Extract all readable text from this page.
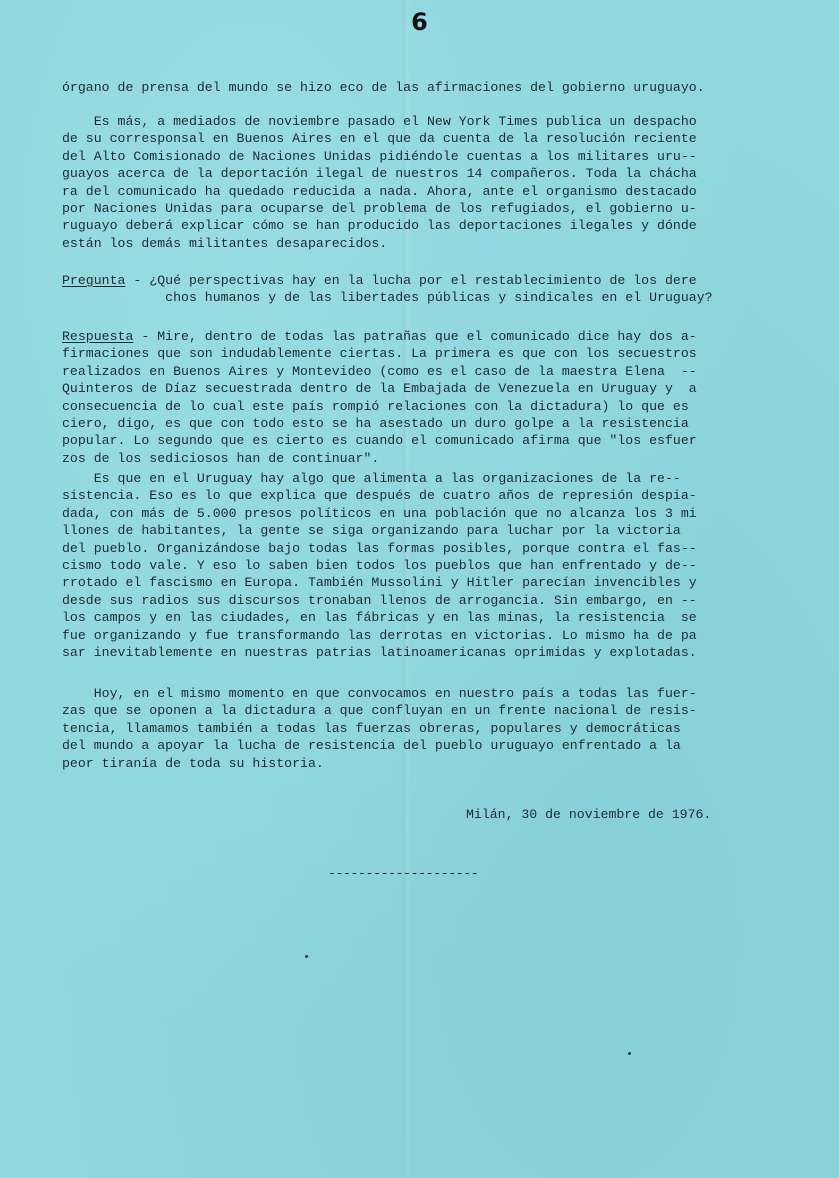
6
órgano de prensa del mundo se hizo eco de las afirmaciones del gobierno uruguayo.
Es más, a mediados de noviembre pasado el New York Times publica un despacho
de su corresponsal en Buenos Aires en el que da cuenta de la resolución reciente
del Alto Comisionado de Naciones Unidas pidiéndole cuentas a los militares uru--
guayos acerca de la deportación ilegal de nuestros 14 compañeros. Toda la cháchа
ra del comunicado ha quedado reducida a nada. Ahora, ante el organismo destacado
por Naciones Unidas para ocuparse del problema de los refugiados, el gobierno u-
ruguayo deberá explicar cómo se han producido las deportaciones ilegales y dónde
están los demás militantes desaparecidos.
Pregunta - ¿Qué perspectivas hay en la lucha por el restablecimiento de los dere
chos humanos y de las libertades públicas y sindicales en el Uruguay?
Respuesta - Mire, dentro de todas las patrañas que el comunicado dice hay dos a-
firmaciones que son indudablemente ciertas. La primera es que con los secuestros
realizados en Buenos Aires y Montevideo (como es el caso de la maestra Elena  --
Quinteros de Díaz secuestrada dentro de la Embajada de Venezuela en Uruguay y  a
consecuencia de lo cual este país rompió relaciones con la dictadura) lo que es
ciero, digo, es que con todo esto se ha asestado un duro golpe a la resistencia
popular. Lo segundo que es cierto es cuando el comunicado afirma que "los esfuer
zos de los sediciosos han de continuar".
Es que en el Uruguay hay algo que alimenta a las organizaciones de la re--
sistencia. Eso es lo que explica que después de cuatro años de represión despia-
dada, con más de 5.000 presos políticos en una población que no alcanza los 3 mi
llones de habitantes, la gente se siga organizando para luchar por la victoria
del pueblo. Organizándose bajo todas las formas posibles, porque contra el fas--
cismo todo vale. Y eso lo saben bien todos los pueblos que han enfrentado y de--
rrotado el fascismo en Europa. También Mussolini y Hitler parecían invencibles y
desde sus radios sus discursos tronaban llenos de arrogancia. Sin embargo, en --
los campos y en las ciudades, en las fábricas y en las minas, la resistencia  se
fue organizando y fue transformando las derrotas en victorias. Lo mismo ha de pa
sar inevitablemente en nuestras patrias latinoamericanas oprimidas y explotadas.
Hoy, en el mismo momento en que convocamos en nuestro país a todas las fuer-
zas que se oponen a la dictadura a que confluyan en un frente nacional de resis-
tencia, llamamos también a todas las fuerzas obreras, populares y democráticas
del mundo a apoyar la lucha de resistencia del pueblo uruguayo enfrentado a la
peor tiranía de toda su historia.
Milán, 30 de noviembre de 1976.
--------------------
